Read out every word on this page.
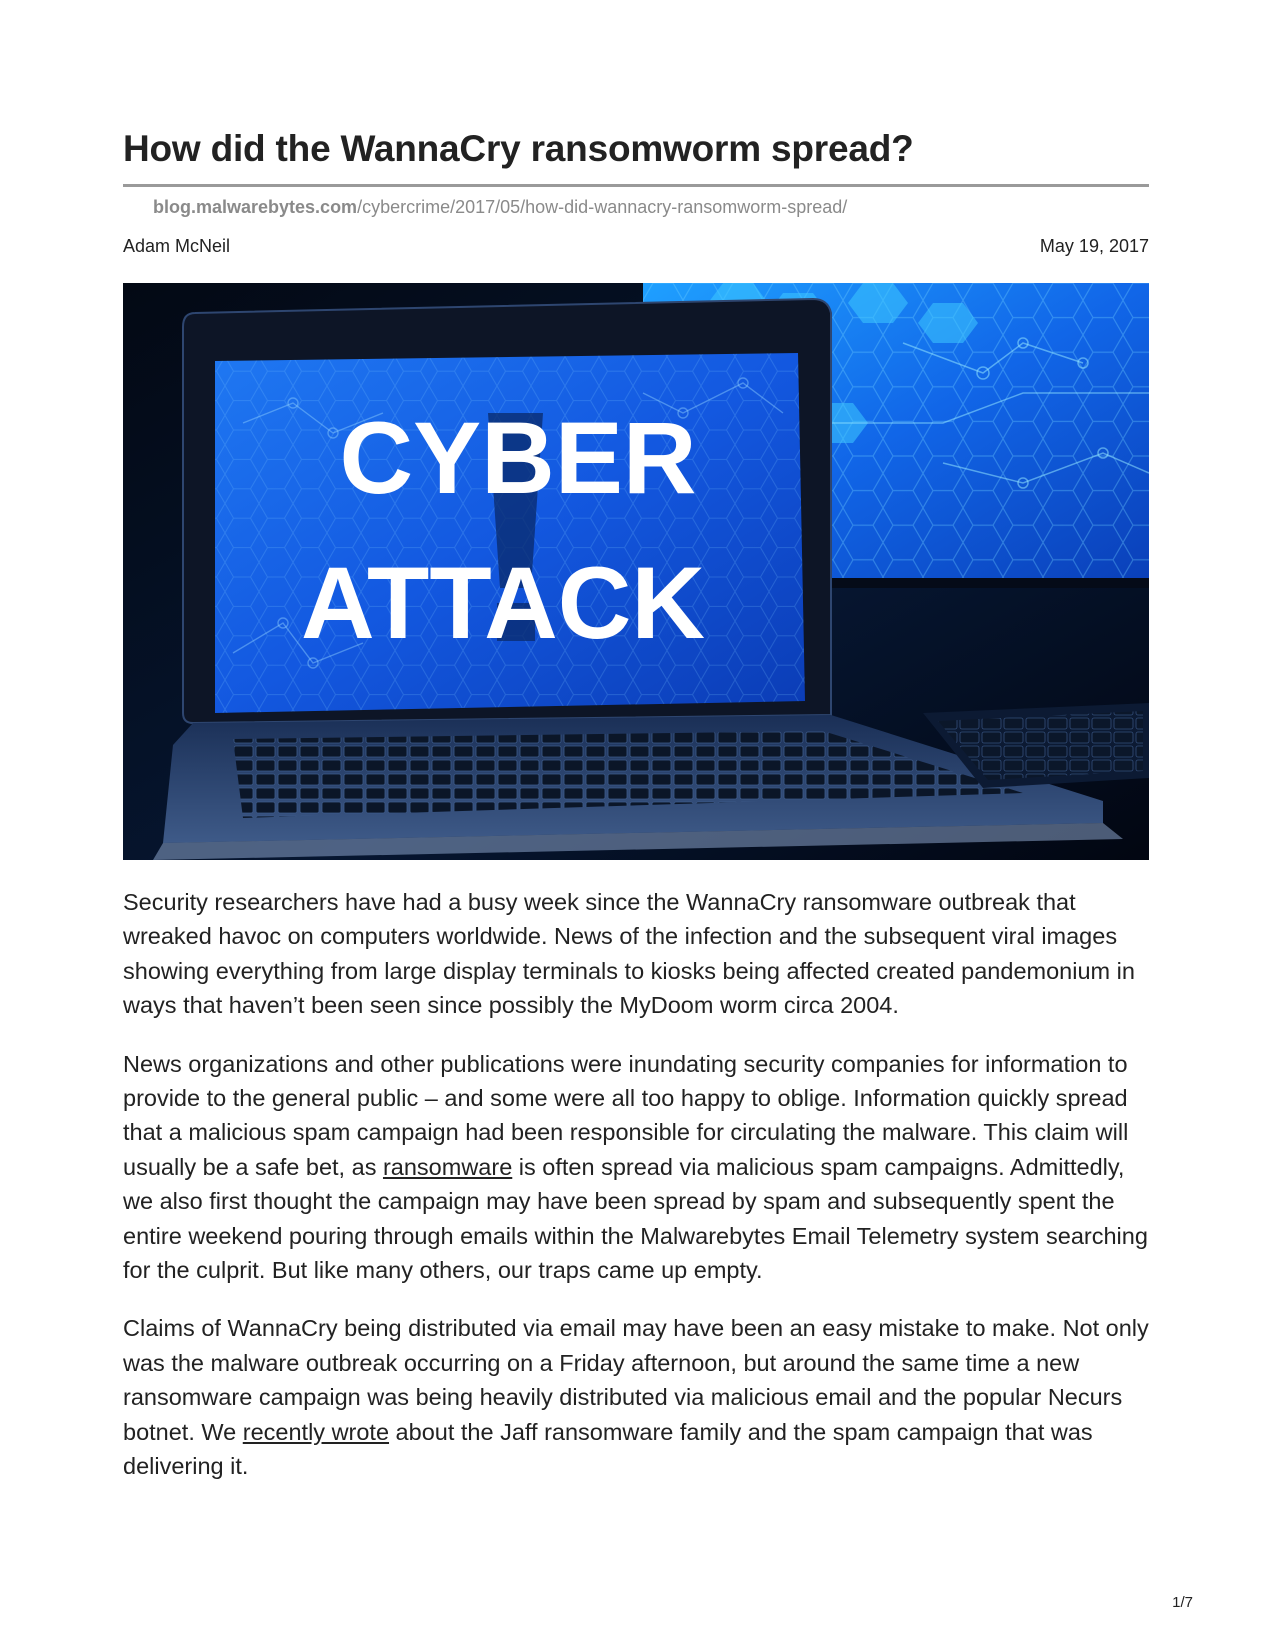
How did the WannaCry ransomworm spread?
blog.malwarebytes.com/cybercrime/2017/05/how-did-wannacry-ransomworm-spread/
Adam McNeil	May 19, 2017
CYBER
ATTACK

Security researchers have had a busy week since the WannaCry ransomware outbreak that wreaked havoc on computers worldwide. News of the infection and the subsequent viral images showing everything from large display terminals to kiosks being affected created pandemonium in ways that haven’t been seen since possibly the MyDoom worm circa 2004.

News organizations and other publications were inundating security companies for information to provide to the general public – and some were all too happy to oblige. Information quickly spread that a malicious spam campaign had been responsible for circulating the malware. This claim will usually be a safe bet, as ransomware is often spread via malicious spam campaigns. Admittedly, we also first thought the campaign may have been spread by spam and subsequently spent the entire weekend pouring through emails within the Malwarebytes Email Telemetry system searching for the culprit. But like many others, our traps came up empty.

Claims of WannaCry being distributed via email may have been an easy mistake to make. Not only was the malware outbreak occurring on a Friday afternoon, but around the same time a new ransomware campaign was being heavily distributed via malicious email and the popular Necurs botnet. We recently wrote about the Jaff ransomware family and the spam campaign that was delivering it.

1/7
